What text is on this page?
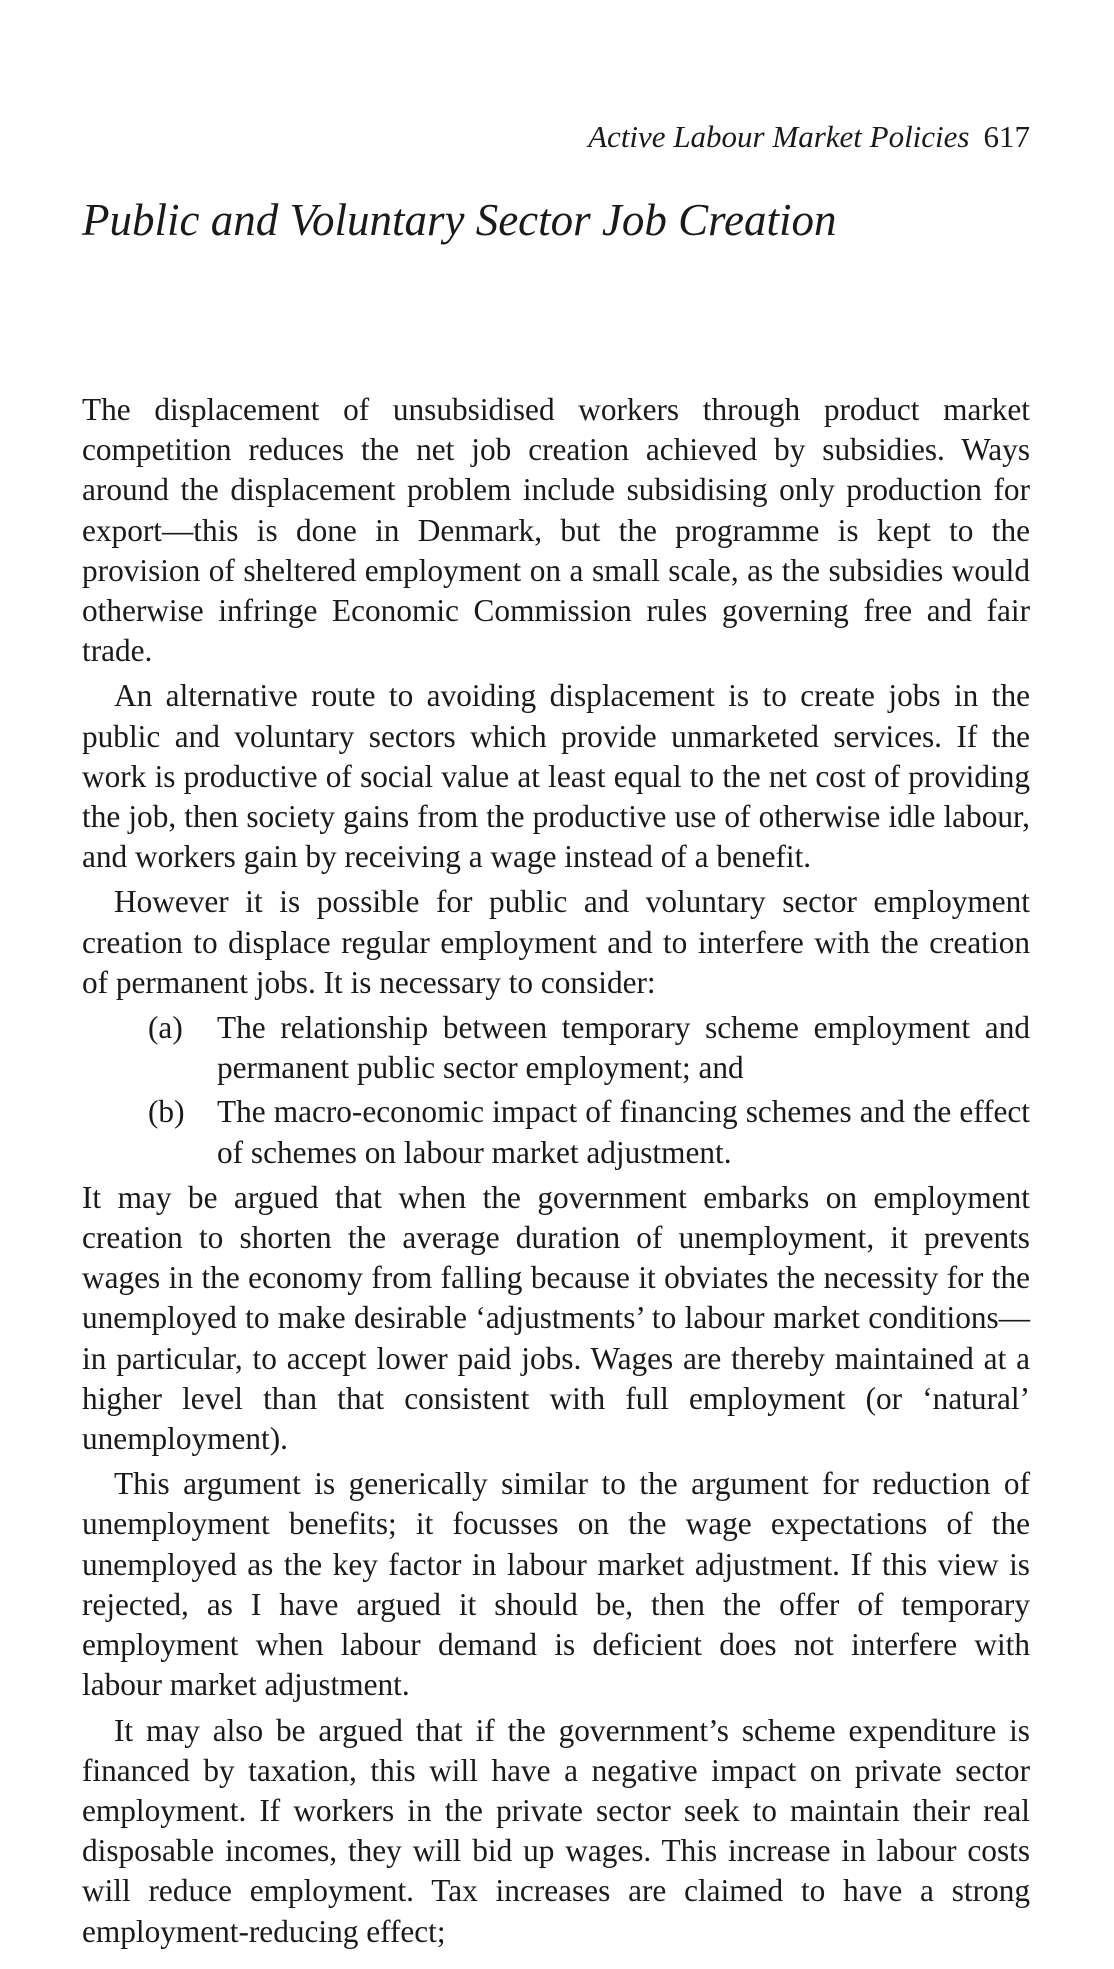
Active Labour Market Policies 617
Public and Voluntary Sector Job Creation

The displacement of unsubsidised workers through product market competition reduces the net job creation achieved by subsidies. Ways around the displacement problem include subsidising only production for export—this is done in Denmark, but the programme is kept to the provision of sheltered employment on a small scale, as the subsidies would otherwise infringe Economic Commission rules governing free and fair trade.

An alternative route to avoiding displacement is to create jobs in the public and voluntary sectors which provide unmarketed services. If the work is productive of social value at least equal to the net cost of providing the job, then society gains from the productive use of otherwise idle labour, and workers gain by receiving a wage instead of a benefit.

However it is possible for public and voluntary sector employment creation to displace regular employment and to interfere with the creation of permanent jobs. It is necessary to consider:

(a) The relationship between temporary scheme employment and permanent public sector employment; and
(b) The macro-economic impact of financing schemes and the effect of schemes on labour market adjustment.

It may be argued that when the government embarks on employment creation to shorten the average duration of unemployment, it prevents wages in the economy from falling because it obviates the necessity for the unemployed to make desirable ‘adjustments’ to labour market conditions—in particular, to accept lower paid jobs. Wages are thereby maintained at a higher level than that consistent with full employment (or ‘natural’ unemployment).

This argument is generically similar to the argument for reduction of unemployment benefits; it focusses on the wage expectations of the unemployed as the key factor in labour market adjustment. If this view is rejected, as I have argued it should be, then the offer of temporary employment when labour demand is deficient does not interfere with labour market adjustment.

It may also be argued that if the government’s scheme expenditure is financed by taxation, this will have a negative impact on private sector employment. If workers in the private sector seek to maintain their real disposable incomes, they will bid up wages. This increase in labour costs will reduce employment. Tax increases are claimed to have a strong employment-reducing effect;
